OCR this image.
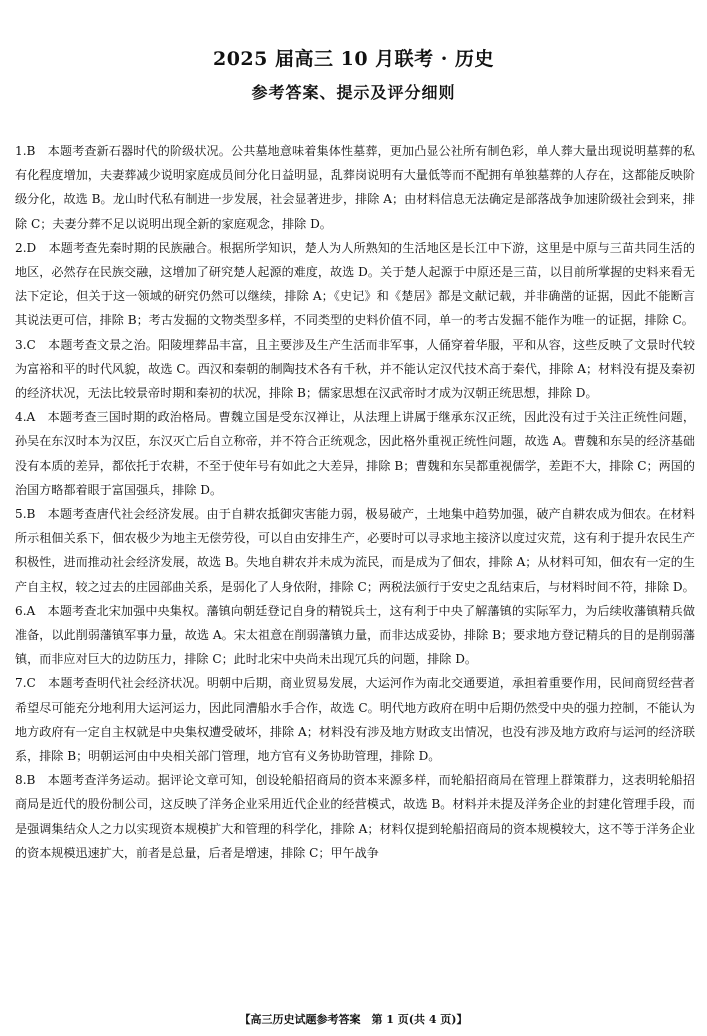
2025 届高三 10 月联考 · 历史
参考答案、提示及评分细则

1.B　 本题考查新石器时代的阶级状况。公共墓地意味着集体性墓葬，更加凸显公社所有制色彩，单人葬大量出现说明墓葬的私有化程度增加，夫妻葬减少说明家庭成员间分化日益明显，乱葬岗说明有大量低等而不配拥有单独墓葬的人存在，这都能反映阶级分化，故选 B。龙山时代私有制进一步发展，社会显著进步，排除 A；由材料信息无法确定是部落战争加速阶级社会到来，排除 C；夫妻分葬不足以说明出现全新的家庭观念，排除 D。

2.D　 本题考查先秦时期的民族融合。根据所学知识，楚人为人所熟知的生活地区是长江中下游，这里是中原与三苗共同生活的地区，必然存在民族交融，这增加了研究楚人起源的难度，故选 D。关于楚人起源于中原还是三苗，以目前所掌握的史料来看无法下定论，但关于这一领域的研究仍然可以继续，排除 A；《史记》和《楚居》都是文献记载，并非确凿的证据，因此不能断言其说法更可信，排除 B；考古发掘的文物类型多样，不同类型的史料价值不同，单一的考古发掘不能作为唯一的证据，排除 C。

3.C　 本题考查文景之治。阳陵埋葬品丰富，且主要涉及生产生活而非军事，人俑穿着华服，平和从容，这些反映了文景时代较为富裕和平的时代风貌，故选 C。西汉和秦朝的制陶技术各有千秋，并不能认定汉代技术高于秦代，排除 A；材料没有提及秦初的经济状况，无法比较景帝时期和秦初的状况，排除 B；儒家思想在汉武帝时才成为汉朝正统思想，排除 D。

4.A　 本题考查三国时期的政治格局。曹魏立国是受东汉禅让，从法理上讲属于继承东汉正统，因此没有过于关注正统性问题，孙吴在东汉时本为汉臣，东汉灭亡后自立称帝，并不符合正统观念，因此格外重视正统性问题，故选 A。曹魏和东吴的经济基础没有本质的差异，都依托于农耕，不至于使年号有如此之大差异，排除 B；曹魏和东吴都重视儒学，差距不大，排除 C；两国的治国方略都着眼于富国强兵，排除 D。

5.B　 本题考查唐代社会经济发展。由于自耕农抵御灾害能力弱，极易破产，土地集中趋势加强，破产自耕农成为佃农。在材料所示租佃关系下，佃农极少为地主无偿劳役，可以自由安排生产，必要时可以寻求地主接济以度过灾荒，这有利于提升农民生产积极性，进而推动社会经济发展，故选 B。失地自耕农并未成为流民，而是成为了佃农，排除 A；从材料可知，佃农有一定的生产自主权，较之过去的庄园部曲关系，是弱化了人身依附，排除 C；两税法颁行于安史之乱结束后，与材料时间不符，排除 D。

6.A　 本题考查北宋加强中央集权。藩镇向朝廷登记自身的精锐兵士，这有利于中央了解藩镇的实际军力，为后续收藩镇精兵做准备，以此削弱藩镇军事力量，故选 A。宋太祖意在削弱藩镇力量，而非达成妥协，排除 B；要求地方登记精兵的目的是削弱藩镇，而非应对巨大的边防压力，排除 C；此时北宋中央尚未出现冗兵的问题，排除 D。

7.C　 本题考查明代社会经济状况。明朝中后期，商业贸易发展，大运河作为南北交通要道，承担着重要作用，民间商贸经营者希望尽可能充分地利用大运河运力，因此同漕船水手合作，故选 C。明代地方政府在明中后期仍然受中央的强力控制，不能认为地方政府有一定自主权就是中央集权遭受破坏，排除 A；材料没有涉及地方财政支出情况，也没有涉及地方政府与运河的经济联系，排除 B；明朝运河由中央相关部门管理，地方官有义务协助管理，排除 D。

8.B　 本题考查洋务运动。据评论文章可知，创设轮船招商局的资本来源多样，而轮船招商局在管理上群策群力，这表明轮船招商局是近代的股份制公司，这反映了洋务企业采用近代企业的经营模式，故选 B。材料并未提及洋务企业的封建化管理手段，而是强调集结众人之力以实现资本规模扩大和管理的科学化，排除 A；材料仅提到轮船招商局的资本规模较大，这不等于洋务企业的资本规模迅速扩大，前者是总量，后者是增速，排除 C；甲午战争

【高三历史试题参考答案　第 1 页(共 4 页)】
